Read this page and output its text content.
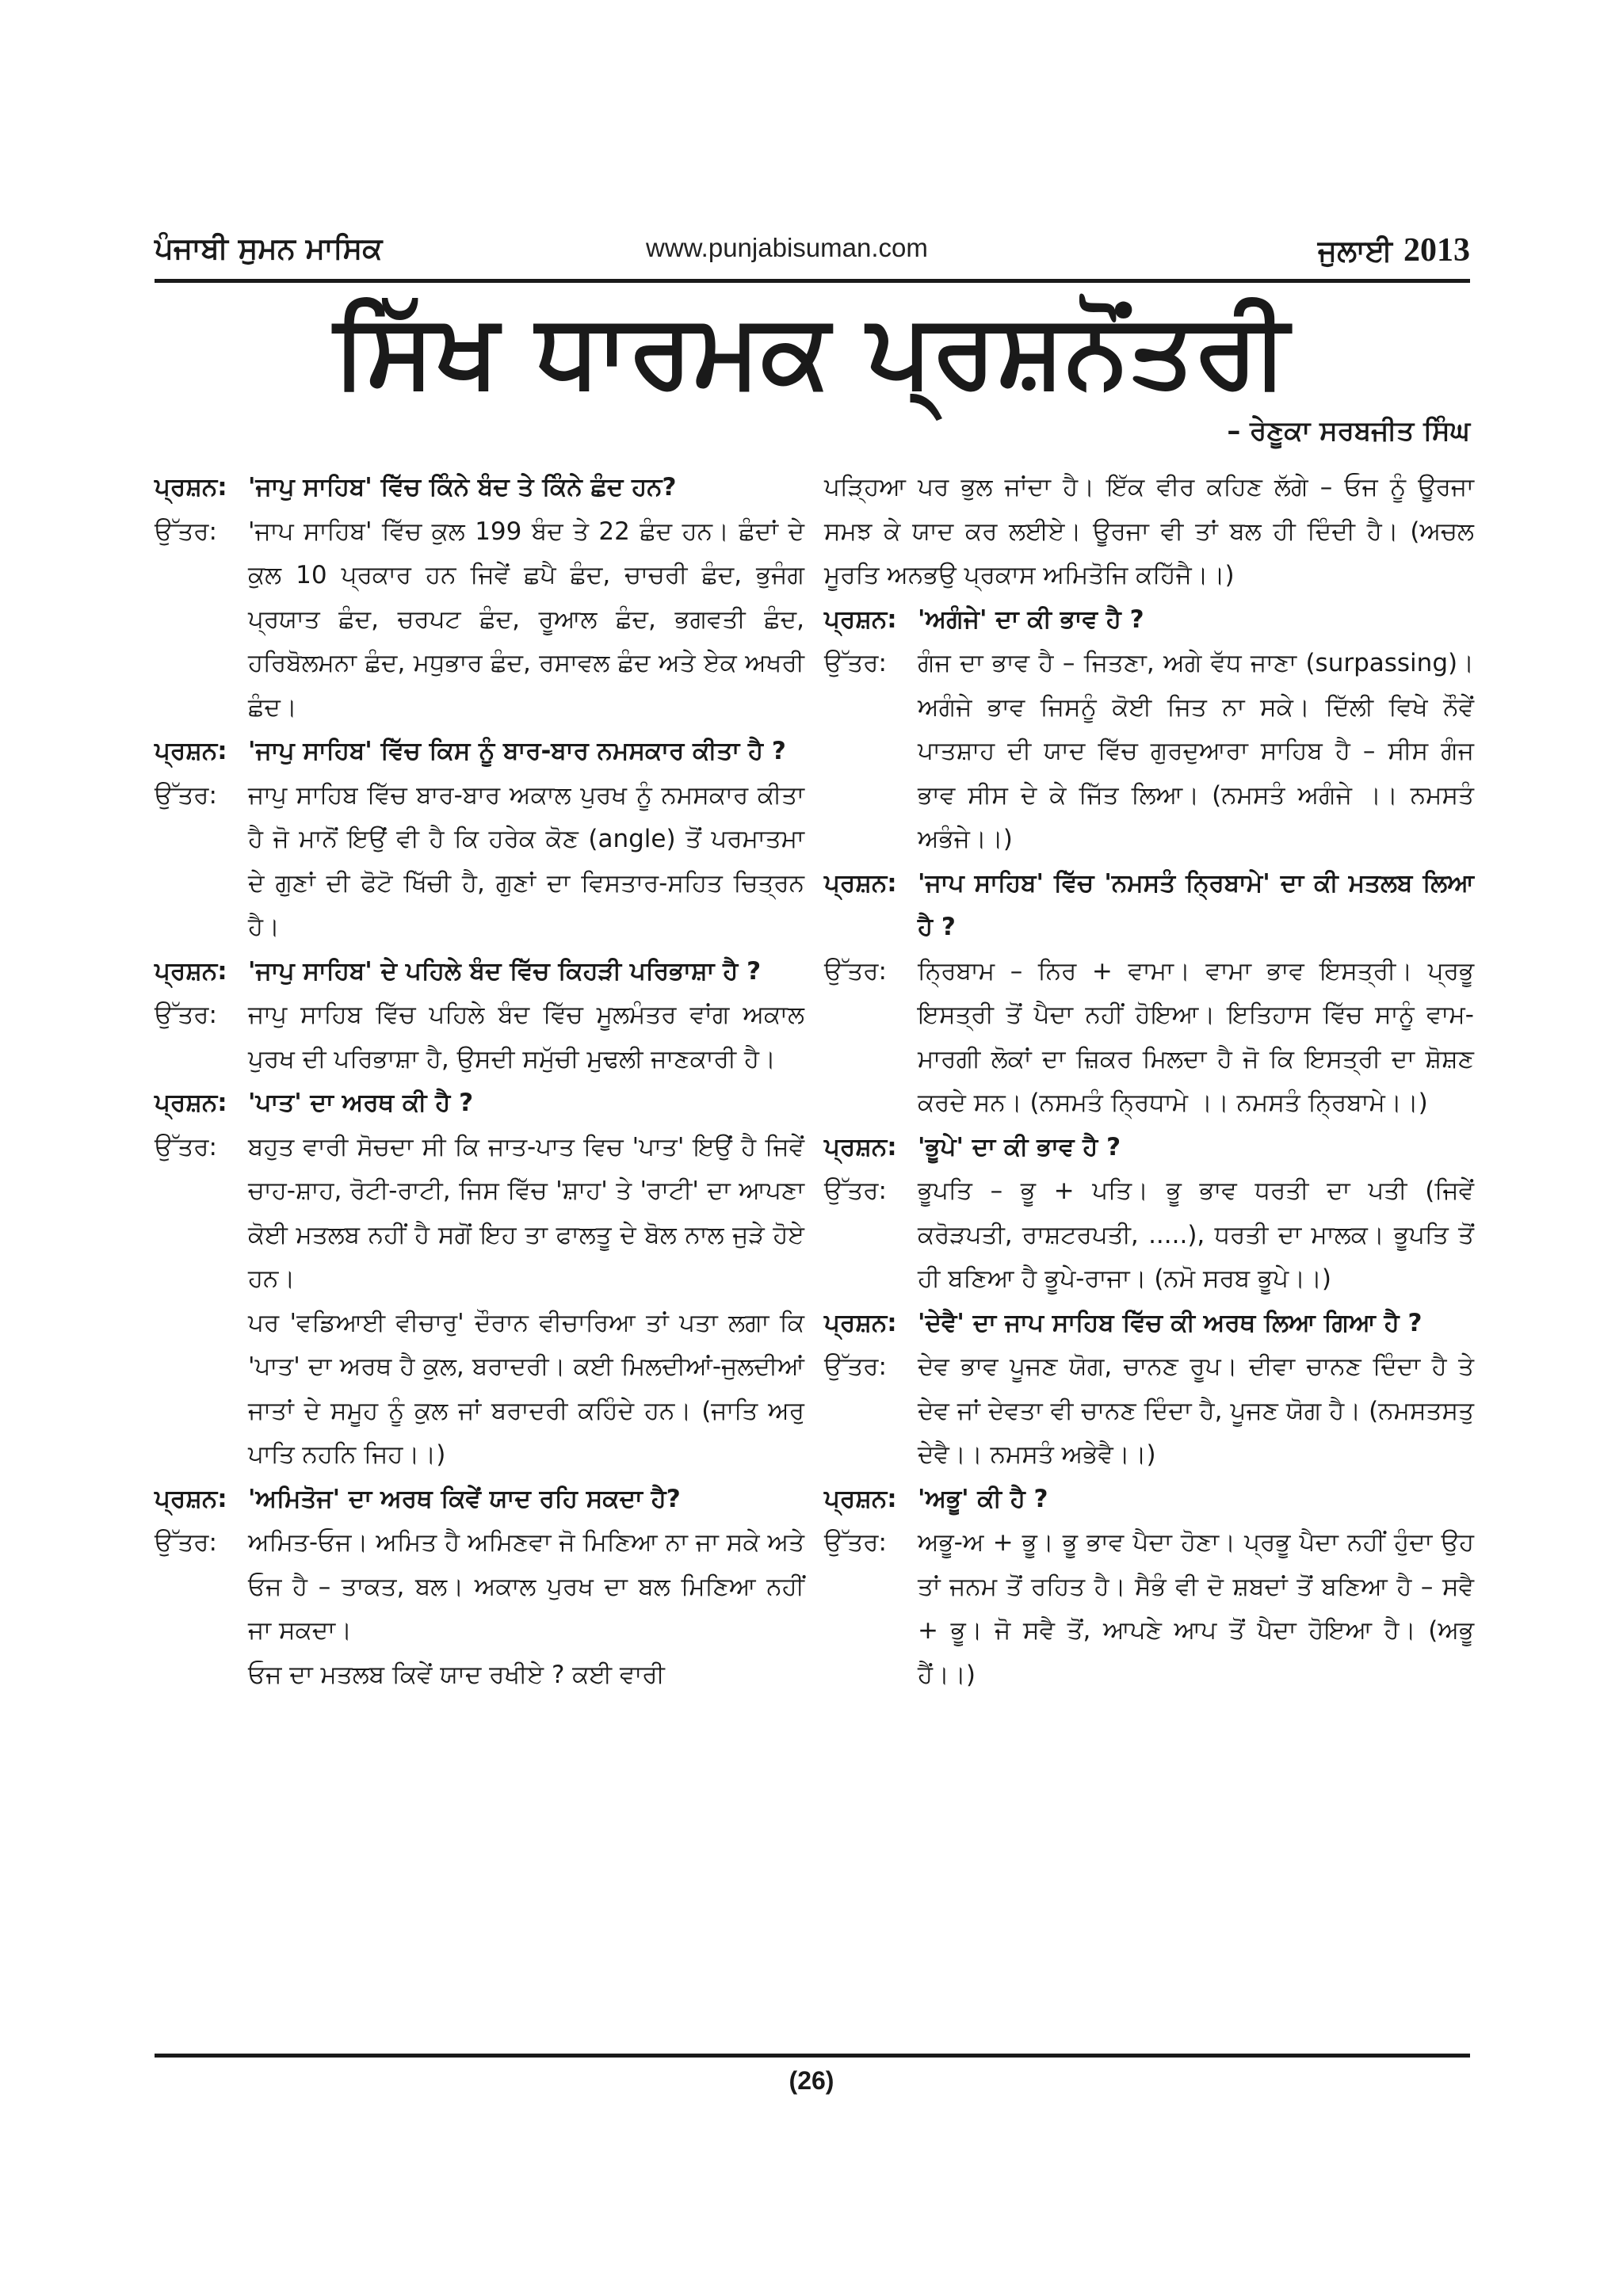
ਪੰਜਾਬੀ ਸੁਮਨ ਮਾਸਿਕ	www.punjabisuman.com	ਜੁਲਾਈ 2013
ਸਿੱਖ ਧਾਰਮਕ ਪ੍ਰਸ਼ਨੋਂਤਰੀ
– ਰੇਣੂਕਾ ਸਰਬਜੀਤ ਸਿੰਘ
ਪ੍ਰਸ਼ਨ: 'ਜਾਪੁ ਸਾਹਿਬ' ਵਿੱਚ ਕਿੰਨੇ ਬੰਦ ਤੇ ਕਿੰਨੇ ਛੰਦ ਹਨ?
ਉੱਤਰ:	'ਜਾਪ ਸਾਹਿਬ' ਵਿੱਚ ਕੁਲ 199 ਬੰਦ ਤੇ 22 ਛੰਦ ਹਨ। ਛੰਦਾਂ ਦੇ ਕੁਲ 10 ਪ੍ਰਕਾਰ ਹਨ ਜਿਵੇਂ ਛਪੈ ਛੰਦ, ਚਾਚਰੀ ਛੰਦ, ਭੁਜੰਗ ਪ੍ਰਯਾਤ ਛੰਦ, ਚਰਪਟ ਛੰਦ, ਰੂਆਲ ਛੰਦ, ਭਗਵਤੀ ਛੰਦ, ਹਰਿਬੋਲਮਨਾ ਛੰਦ, ਮਧੁਭਾਰ ਛੰਦ, ਰਸਾਵਲ ਛੰਦ ਅਤੇ ਏਕ ਅਖਰੀ ਛੰਦ।
ਪ੍ਰਸ਼ਨ: 'ਜਾਪੁ ਸਾਹਿਬ' ਵਿੱਚ ਕਿਸ ਨੂੰ ਬਾਰ-ਬਾਰ ਨਮਸਕਾਰ ਕੀਤਾ ਹੈ ?
ਉੱਤਰ:	ਜਾਪੁ ਸਾਹਿਬ ਵਿੱਚ ਬਾਰ-ਬਾਰ ਅਕਾਲ ਪੁਰਖ ਨੂੰ ਨਮਸਕਾਰ ਕੀਤਾ ਹੈ ਜੋ ਮਾਨੋਂ ਇਉਂ ਵੀ ਹੈ ਕਿ ਹਰੇਕ ਕੋਣ (angle) ਤੋਂ ਪਰਮਾਤਮਾ ਦੇ ਗੁਣਾਂ ਦੀ ਫੋਟੋ ਖਿੱਚੀ ਹੈ, ਗੁਣਾਂ ਦਾ ਵਿਸਤਾਰ-ਸਹਿਤ ਚਿਤ੍ਰਨ ਹੈ।
ਪ੍ਰਸ਼ਨ: 'ਜਾਪੁ ਸਾਹਿਬ' ਦੇ ਪਹਿਲੇ ਬੰਦ ਵਿੱਚ ਕਿਹੜੀ ਪਰਿਭਾਸ਼ਾ ਹੈ ?
ਉੱਤਰ:	ਜਾਪੁ ਸਾਹਿਬ ਵਿੱਚ ਪਹਿਲੇ ਬੰਦ ਵਿੱਚ ਮੂਲਮੰਤਰ ਵਾਂਗ ਅਕਾਲ ਪੁਰਖ ਦੀ ਪਰਿਭਾਸ਼ਾ ਹੈ, ਉਸਦੀ ਸਮੁੱਚੀ ਮੁਢਲੀ ਜਾਣਕਾਰੀ ਹੈ।
ਪ੍ਰਸ਼ਨ: 'ਪਾਤ' ਦਾ ਅਰਥ ਕੀ ਹੈ ?
ਉੱਤਰ:	ਬਹੁਤ ਵਾਰੀ ਸੋਚਦਾ ਸੀ ਕਿ ਜਾਤ-ਪਾਤ ਵਿਚ 'ਪਾਤ' ਇਉਂ ਹੈ ਜਿਵੇਂ ਚਾਹ-ਸ਼ਾਹ, ਰੋਟੀ-ਰਾਟੀ, ਜਿਸ ਵਿੱਚ 'ਸ਼ਾਹ' ਤੇ 'ਰਾਟੀ' ਦਾ ਆਪਣਾ ਕੋਈ ਮਤਲਬ ਨਹੀਂ ਹੈ ਸਗੋਂ ਇਹ ਤਾ ਫਾਲਤੂ ਦੇ ਬੋਲ ਨਾਲ ਜੁੜੇ ਹੋਏ ਹਨ।
ਪਰ 'ਵਡਿਆਈ ਵੀਚਾਰੁ' ਦੌਰਾਨ ਵੀਚਾਰਿਆ ਤਾਂ ਪਤਾ ਲਗਾ ਕਿ 'ਪਾਤ' ਦਾ ਅਰਥ ਹੈ ਕੁਲ, ਬਰਾਦਰੀ। ਕਈ ਮਿਲਦੀਆਂ-ਜੁਲਦੀਆਂ ਜਾਤਾਂ ਦੇ ਸਮੂਹ ਨੂੰ ਕੁਲ ਜਾਂ ਬਰਾਦਰੀ ਕਹਿੰਦੇ ਹਨ। (ਜਾਤਿ ਅਰੁ ਪਾਤਿ ਨਹਨਿ ਜਿਹ।।)
ਪ੍ਰਸ਼ਨ: 'ਅਮਿਤੋਜ' ਦਾ ਅਰਥ ਕਿਵੇਂ ਯਾਦ ਰਹਿ ਸਕਦਾ ਹੈ?
ਉੱਤਰ:	ਅਮਿਤ-ਓਜ। ਅਮਿਤ ਹੈ ਅਮਿਣਵਾ ਜੋ ਮਿਣਿਆ ਨਾ ਜਾ ਸਕੇ ਅਤੇ ਓਜ ਹੈ – ਤਾਕਤ, ਬਲ। ਅਕਾਲ ਪੁਰਖ ਦਾ ਬਲ ਮਿਣਿਆ ਨਹੀਂ ਜਾ ਸਕਦਾ।
ਓਜ ਦਾ ਮਤਲਬ ਕਿਵੇਂ ਯਾਦ ਰਖੀਏ ? ਕਈ ਵਾਰੀ
ਪੜ੍ਹਿਆ ਪਰ ਭੁਲ ਜਾਂਦਾ ਹੈ। ਇੱਕ ਵੀਰ ਕਹਿਣ ਲੱਗੇ – ਓਜ ਨੂੰ ਊਰਜਾ ਸਮਝ ਕੇ ਯਾਦ ਕਰ ਲਈਏ। ਊਰਜਾ ਵੀ ਤਾਂ ਬਲ ਹੀ ਦਿੰਦੀ ਹੈ। (ਅਚਲ ਮੂਰਤਿ ਅਨਭਉ ਪ੍ਰਕਾਸ ਅਮਿਤੋਜਿ ਕਹਿੱਜੈ।।)
ਪ੍ਰਸ਼ਨ: 'ਅਗੰਜੇ' ਦਾ ਕੀ ਭਾਵ ਹੈ ?
ਉੱਤਰ:	ਗੰਜ ਦਾ ਭਾਵ ਹੈ – ਜਿਤਣਾ, ਅਗੇ ਵੱਧ ਜਾਣਾ (surpassing)। ਅਗੰਜੇ ਭਾਵ ਜਿਸਨੂੰ ਕੋਈ ਜਿਤ ਨਾ ਸਕੇ। ਦਿੱਲੀ ਵਿਖੇ ਨੌਵੇਂ ਪਾਤਸ਼ਾਹ ਦੀ ਯਾਦ ਵਿੱਚ ਗੁਰਦੁਆਰਾ ਸਾਹਿਬ ਹੈ – ਸੀਸ ਗੰਜ ਭਾਵ ਸੀਸ ਦੇ ਕੇ ਜਿੱਤ ਲਿਆ। (ਨਮਸਤੰ ਅਗੰਜੇ ।। ਨਮਸਤੰ ਅਭੰਜੇ।।)
ਪ੍ਰਸ਼ਨ: 'ਜਾਪ ਸਾਹਿਬ' ਵਿੱਚ 'ਨਮਸਤੰ ਨ੍ਰਿਬਾਮੇ' ਦਾ ਕੀ ਮਤਲਬ ਲਿਆ ਹੈ ?
ਉੱਤਰ:	ਨ੍ਰਿਬਾਮ – ਨਿਰ + ਵਾਮਾ। ਵਾਮਾ ਭਾਵ ਇਸਤ੍ਰੀ। ਪ੍ਰਭੂ ਇਸਤ੍ਰੀ ਤੋਂ ਪੈਦਾ ਨਹੀਂ ਹੋਇਆ। ਇਤਿਹਾਸ ਵਿੱਚ ਸਾਨੂੰ ਵਾਮ-ਮਾਰਗੀ ਲੋਕਾਂ ਦਾ ਜ਼ਿਕਰ ਮਿਲਦਾ ਹੈ ਜੋ ਕਿ ਇਸਤ੍ਰੀ ਦਾ ਸ਼ੋਸ਼ਣ ਕਰਦੇ ਸਨ। (ਨਸਮਤੰ ਨ੍ਰਿਧਾਮੇ ।। ਨਮਸਤੰ ਨ੍ਰਿਬਾਮੇ।।)
ਪ੍ਰਸ਼ਨ: 'ਭੂਪੇ' ਦਾ ਕੀ ਭਾਵ ਹੈ ?
ਉੱਤਰ:	ਭੂਪਤਿ – ਭੂ + ਪਤਿ। ਭੂ ਭਾਵ ਧਰਤੀ ਦਾ ਪਤੀ (ਜਿਵੇਂ ਕਰੋੜਪਤੀ, ਰਾਸ਼ਟਰਪਤੀ, .....), ਧਰਤੀ ਦਾ ਮਾਲਕ। ਭੂਪਤਿ ਤੋਂ ਹੀ ਬਣਿਆ ਹੈ ਭੂਪੇ-ਰਾਜਾ। (ਨਮੋ ਸਰਬ ਭੂਪੇ।।)
ਪ੍ਰਸ਼ਨ: 'ਦੇਵੈ' ਦਾ ਜਾਪ ਸਾਹਿਬ ਵਿੱਚ ਕੀ ਅਰਥ ਲਿਆ ਗਿਆ ਹੈ ?
ਉੱਤਰ:	ਦੇਵ ਭਾਵ ਪੂਜਣ ਯੋਗ, ਚਾਨਣ ਰੂਪ। ਦੀਵਾ ਚਾਨਣ ਦਿੰਦਾ ਹੈ ਤੇ ਦੇਵ ਜਾਂ ਦੇਵਤਾ ਵੀ ਚਾਨਣ ਦਿੰਦਾ ਹੈ, ਪੂਜਣ ਯੋਗ ਹੈ। (ਨਮਸਤਸਤੁ ਦੇਵੈ।। ਨਮਸਤੰ ਅਭੇਵੈ।।)
ਪ੍ਰਸ਼ਨ: 'ਅਭੂ' ਕੀ ਹੈ ?
ਉੱਤਰ:	ਅਭੂ-ਅ + ਭੂ। ਭੂ ਭਾਵ ਪੈਦਾ ਹੋਣਾ। ਪ੍ਰਭੂ ਪੈਦਾ ਨਹੀਂ ਹੁੰਦਾ ਉਹ ਤਾਂ ਜਨਮ ਤੋਂ ਰਹਿਤ ਹੈ। ਸੈਭੰ ਵੀ ਦੋ ਸ਼ਬਦਾਂ ਤੋਂ ਬਣਿਆ ਹੈ – ਸਵੈ + ਭੂ। ਜੋ ਸਵੈ ਤੋਂ, ਆਪਣੇ ਆਪ ਤੋਂ ਪੈਦਾ ਹੋਇਆ ਹੈ। (ਅਭੂ ਹੈਂ।।)
(26)
